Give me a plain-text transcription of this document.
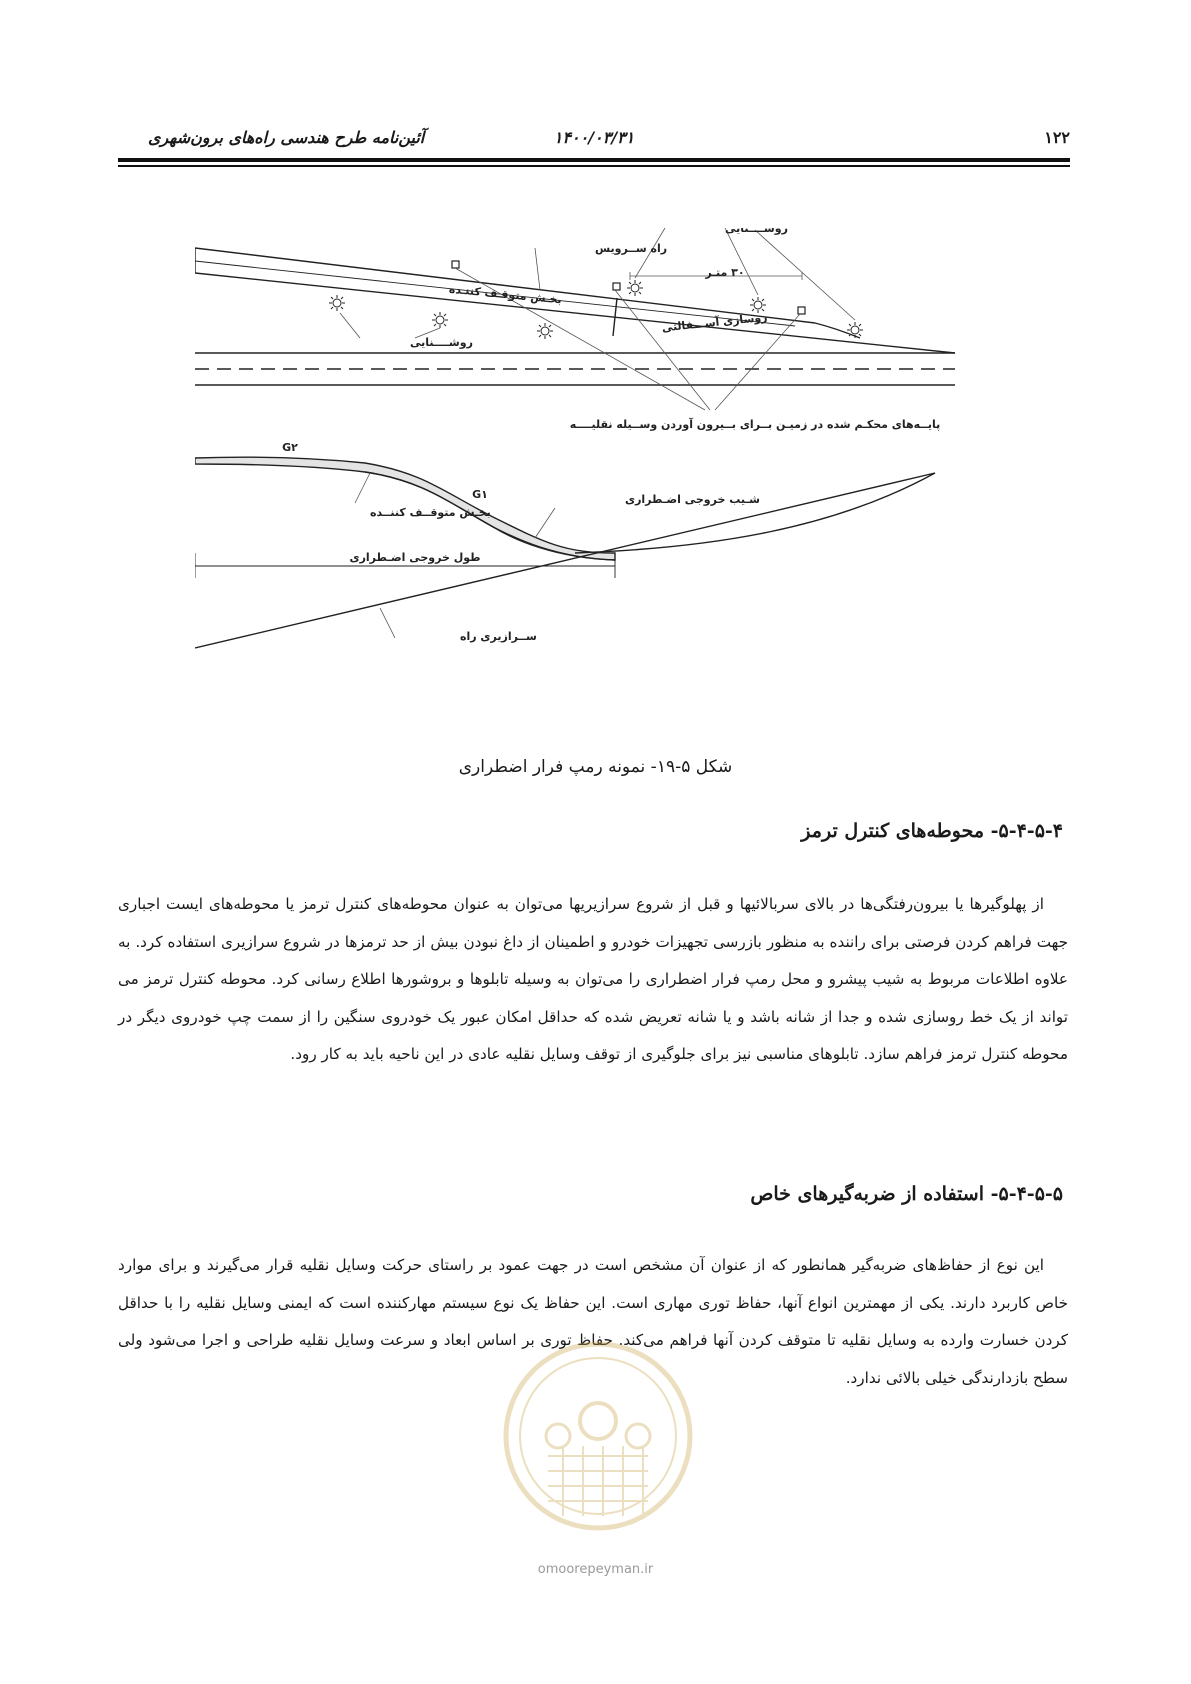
۱۲۲
۱۴۰۰/۰۳/۳۱
آئین‌نامه طرح هندسی راه‌های برون‌شهری
راه ســرویس
روشــــنایی
۳۰ متـر
بخـش متوقـف کننـده
روسازی آســـفالتی
روشــــنایی
پایــه‌های محکـم شده در زمیـن بــرای بــیرون آوردن وســیله نقلیــــه
G۲
G۱
بخـش متوقــف کننــده
شـیب خروجی اضـطراری
طول خروجی اضـطراری
ســرازیری راه
شکل ۵-۱۹- نمونه رمپ فرار اضطراری
۵-۴-۵-۴- محوطه‌های کنترل ترمز

از پهلوگیرها یا بیرون‌رفتگی‌ها در بالای سربالائیها و قبل از شروع سرازیریها می‌توان به عنوان محوطه‌های کنترل ترمز یا محوطه‌های ایست اجباری جهت فراهم کردن فرصتی برای راننده به منظور بازرسی تجهیزات خودرو و اطمینان از داغ نبودن بیش از حد ترمزها در شروع سرازیری استفاده کرد. به علاوه اطلاعات مربوط به شیب پیشرو و محل رمپ فرار اضطراری را می‌توان به وسیله تابلوها و بروشورها اطلاع رسانی کرد. محوطه کنترل ترمز می تواند از یک خط روسازی شده و جدا از شانه باشد و یا شانه تعریض شده که حداقل امکان عبور یک خودروی سنگین را از سمت چپ خودروی دیگر در محوطه کنترل ترمز فراهم سازد. تابلوهای مناسبی نیز برای جلوگیری از توقف وسایل نقلیه عادی در این ناحیه باید به کار رود.

۵-۴-۵-۵- استفاده از ضربه‌گیرهای خاص

این نوع از حفاظ‌های ضربه‌گیر همانطور که از عنوان آن مشخص است در جهت عمود بر راستای حرکت وسایل نقلیه قرار می‌گیرند و برای موارد خاص کاربرد دارند. یکی از مهمترین انواع آنها، حفاظ توری مهاری است. این حفاظ یک نوع سیستم مهارکننده است که ایمنی وسایل نقلیه را با حداقل کردن خسارت وارده به وسایل نقلیه تا متوقف کردن آنها فراهم می‌کند. حفاظ توری بر اساس ابعاد و سرعت وسایل نقلیه طراحی و اجرا می‌شود ولی سطح بازدارندگی خیلی بالائی ندارد.

omoorepeyman.ir
